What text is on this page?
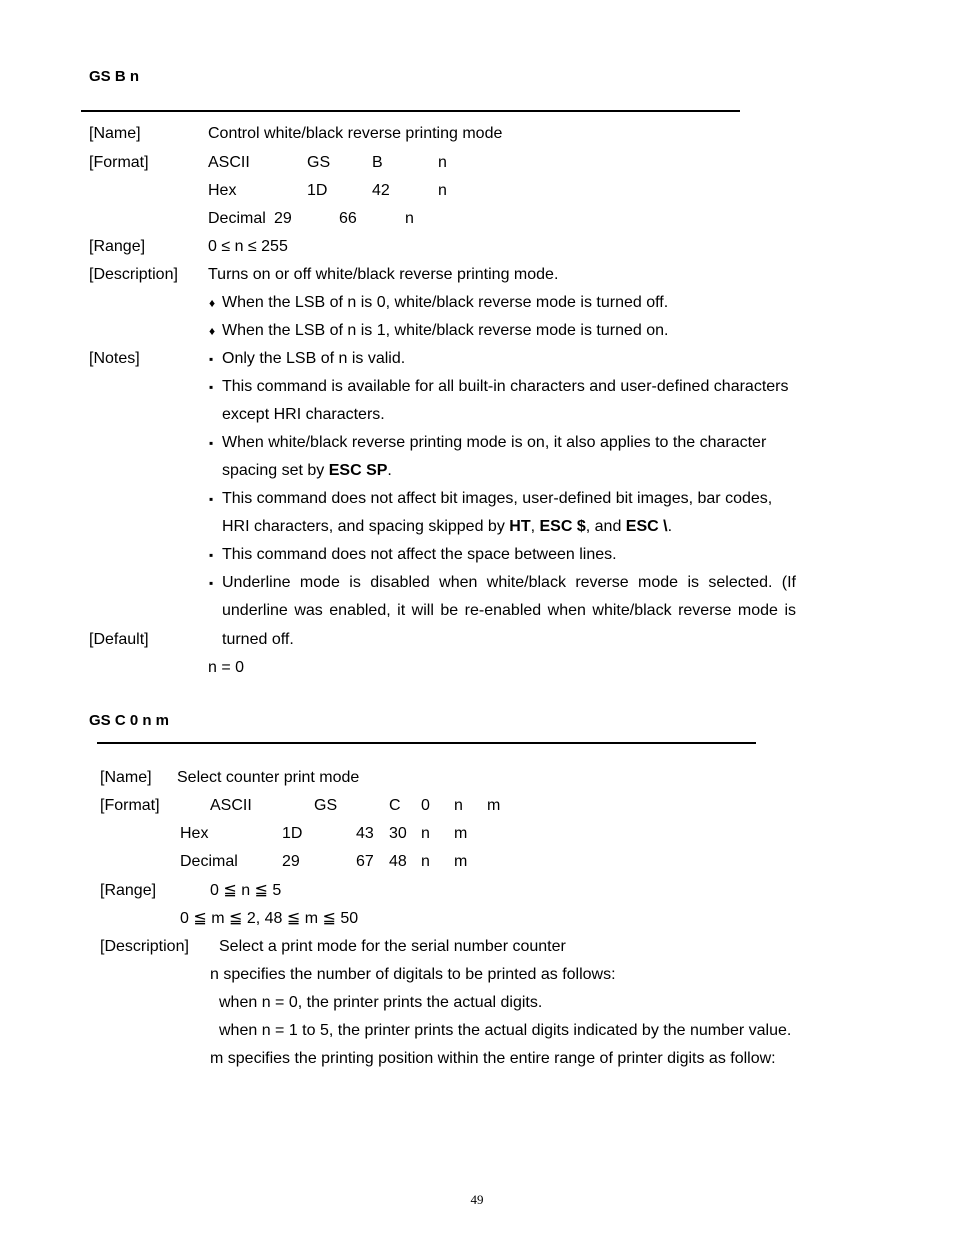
GS B n
[Name]	Control white/black reverse printing mode
[Format]	ASCII	GS	B	n
Hex	1D	42	n
Decimal 29	66	n
[Range]	0 ≤ n ≤ 255
[Description] Turns on or off white/black reverse printing mode.
♦ When the LSB of n is 0, white/black reverse mode is turned off.
♦ When the LSB of n is 1, white/black reverse mode is turned on.
[Notes]	▪ Only the LSB of n is valid.
▪ This command is available for all built-in characters and user-defined characters
except HRI characters.
▪ When white/black reverse printing mode is on, it also applies to the character
spacing set by ESC SP.
▪ This command does not affect bit images, user-defined bit images, bar codes,
HRI characters, and spacing skipped by HT, ESC $, and ESC \.
▪ This command does not affect the space between lines.
▪ Underline mode is disabled when white/black reverse mode is selected. (If
underline was enabled, it will be re-enabled when white/black reverse mode is
[Default]	turned off.
n = 0
GS C 0 n m
[Name] Select counter print mode
[Format]	ASCII	GS	C 0 n m
Hex	1D	43 30 n m
Decimal	29	67 48 n m
[Range]	0 ≦ n ≦ 5
0 ≦ m ≦ 2, 48 ≦ m ≦ 50
[Description] Select a print mode for the serial number counter
n specifies the number of digitals to be printed as follows:
when n = 0, the printer prints the actual digits.
when n = 1 to 5, the printer prints the actual digits indicated by the number value.
m specifies the printing position within the entire range of printer digits as follow:
49
